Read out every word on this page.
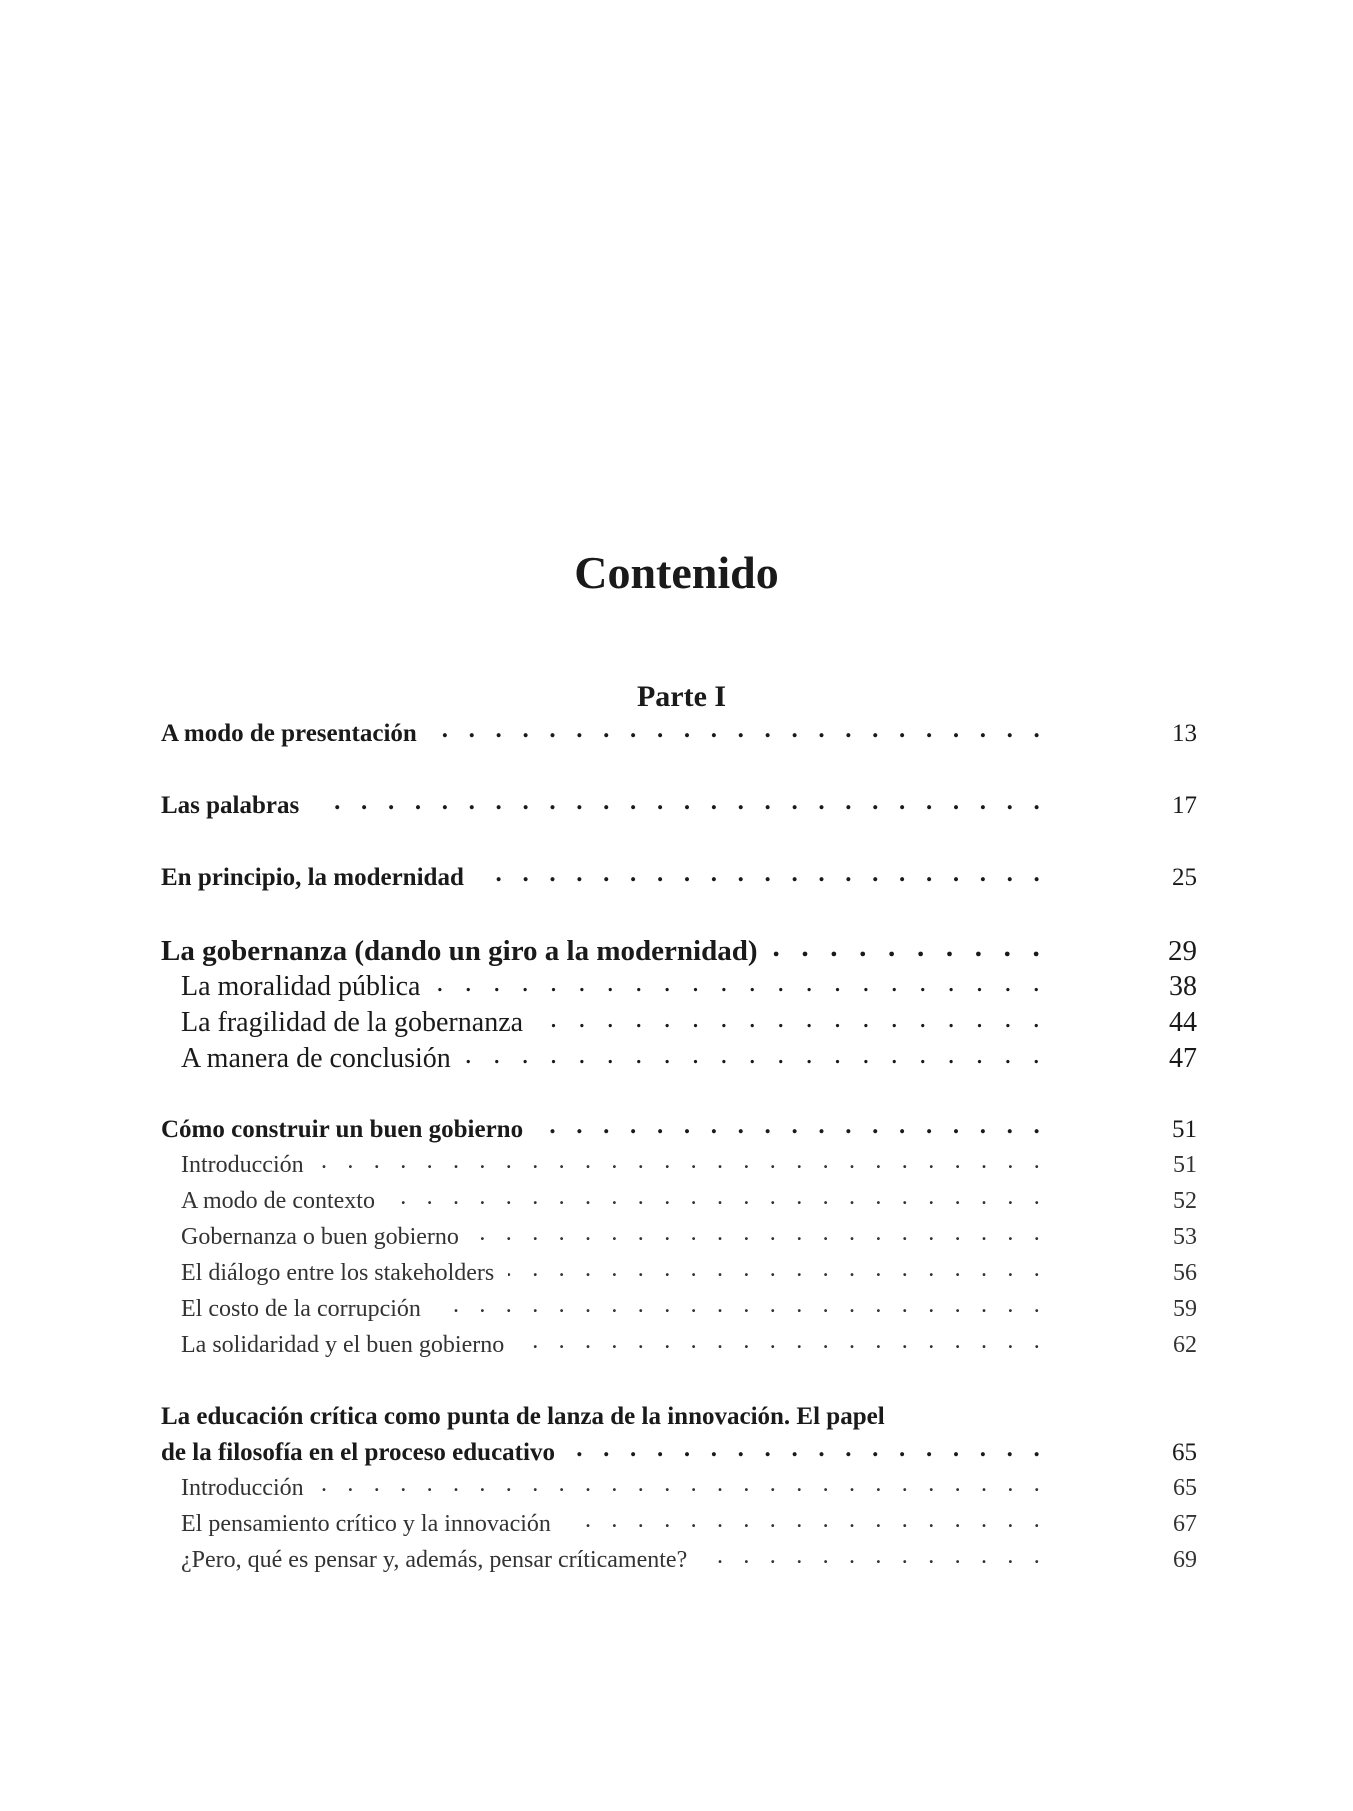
Contenido
Parte I
A modo de presentación . . .	13
Las palabras . . .	17
En principio, la modernidad . . .	25
La gobernanza (dando un giro a la modernidad) . . .	29
La moralidad pública . . .	38
La fragilidad de la gobernanza . . .	44
A manera de conclusión . . .	47
Cómo construir un buen gobierno . . .	51
Introducción . . .	51
A modo de contexto . . .	52
Gobernanza o buen gobierno . . .	53
El diálogo entre los stakeholders . . .	56
El costo de la corrupción . . .	59
La solidaridad y el buen gobierno . . .	62
La educación crítica como punta de lanza de la innovación. El papel
de la filosofía en el proceso educativo . . .	65
Introducción . . .	65
El pensamiento crítico y la innovación . . .	67
¿Pero, qué es pensar y, además, pensar críticamente? . . .	69
